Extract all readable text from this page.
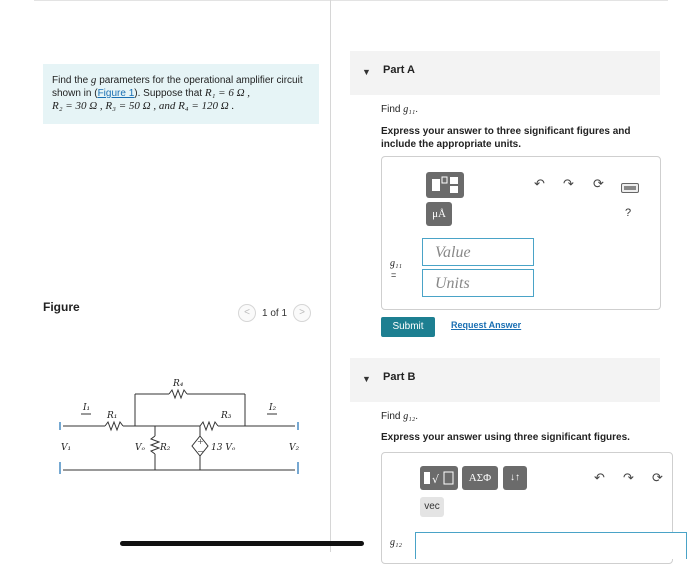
Find the g parameters for the operational amplifier circuit
shown in (Figure 1). Suppose that R₁ = 6 Ω ,
R₂ = 30 Ω , R₃ = 50 Ω , and R₄ = 120 Ω .
Figure	<	1 of 1	>
R₄
R₁	R₃
R₂
I₁	I₂
V₁	Vₒ	V₂
13 Vₒ
+
−
▼ Part A
Find g₁₁.
Express your answer to three significant figures and
include the appropriate units.
μÅ
↶ ↷ ⟳
?
g₁₁
=
Value
Units
Submit	Request Answer
▼ Part B
Find g₁₂.
Express your answer using three significant figures.
√	AΣΦ	↓↑	↶ ↷ ⟳
vec
g₁₂
